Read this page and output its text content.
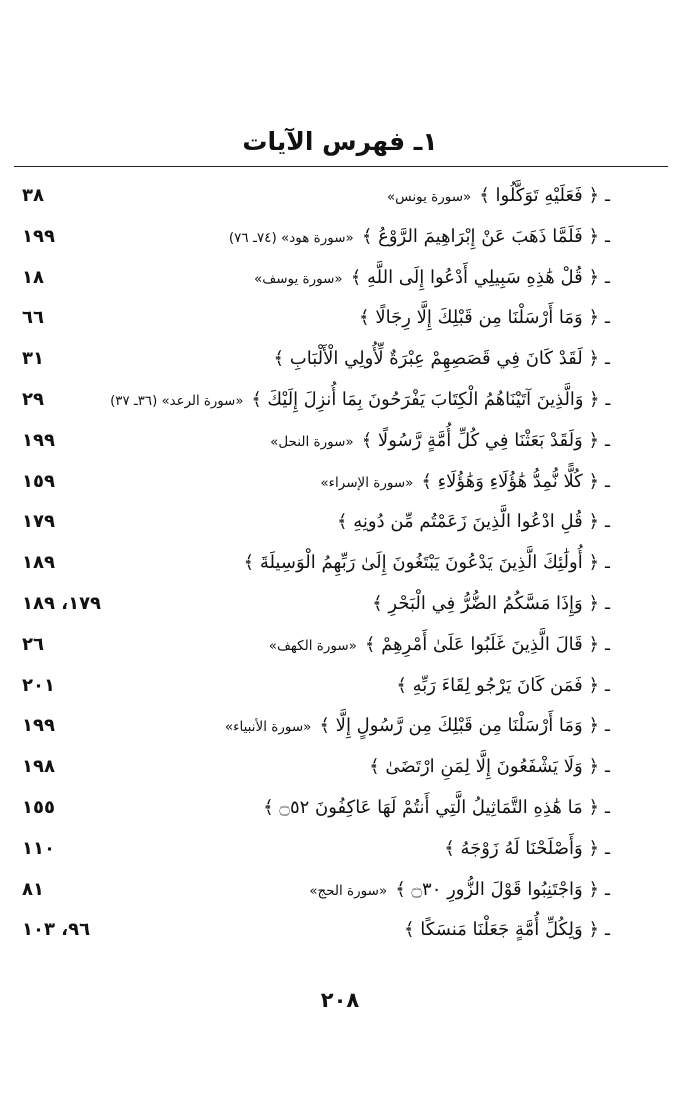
١ـ فهرس الآيات
ـ﴿ فَعَلَيْهِ تَوَكَّلُوا ﴾«سورة يونس»
٣٨
ـ﴿ فَلَمَّا ذَهَبَ عَنْ إِبْرَاهِيمَ الرَّوْعُ ﴾«سورة هود» (٧٤ـ ٧٦)
١٩٩
ـ﴿ قُلْ هَٰذِهِ سَبِيلِي أَدْعُوا إِلَى اللَّهِ ﴾«سورة يوسف»
١٨
ـ﴿ وَمَا أَرْسَلْنَا مِن قَبْلِكَ إِلَّا رِجَالًا ﴾
٦٦
ـ﴿ لَقَدْ كَانَ فِي قَصَصِهِمْ عِبْرَةٌ لِّأُولِي الْأَلْبَابِ ﴾
٣١
ـ﴿ وَالَّذِينَ آتَيْنَاهُمُ الْكِتَابَ يَفْرَحُونَ بِمَا أُنزِلَ إِلَيْكَ ﴾«سورة الرعد» (٣٦ـ ٣٧)
٢٩
ـ﴿ وَلَقَدْ بَعَثْنَا فِي كُلِّ أُمَّةٍ رَّسُولًا ﴾«سورة النحل»
١٩٩
ـ﴿ كُلًّا نُّمِدُّ هَٰؤُلَاءِ وَهَٰؤُلَاءِ ﴾«سورة الإسراء»
١٥٩
ـ﴿ قُلِ ادْعُوا الَّذِينَ زَعَمْتُم مِّن دُونِهِ ﴾
١٧٩
ـ﴿ أُولَٰئِكَ الَّذِينَ يَدْعُونَ يَبْتَغُونَ إِلَىٰ رَبِّهِمُ الْوَسِيلَةَ ﴾
١٨٩
ـ﴿ وَإِذَا مَسَّكُمُ الضُّرُّ فِي الْبَحْرِ ﴾
١٧٩، ١٨٩
ـ﴿ قَالَ الَّذِينَ غَلَبُوا عَلَىٰ أَمْرِهِمْ ﴾«سورة الكهف»
٢٦
ـ﴿ فَمَن كَانَ يَرْجُو لِقَاءَ رَبِّهِ ﴾
٢٠١
ـ﴿ وَمَا أَرْسَلْنَا مِن قَبْلِكَ مِن رَّسُولٍ إِلَّا ﴾«سورة الأنبياء»
١٩٩
ـ﴿ وَلَا يَشْفَعُونَ إِلَّا لِمَنِ ارْتَضَىٰ ﴾
١٩٨
ـ﴿ مَا هَٰذِهِ التَّمَاثِيلُ الَّتِي أَنتُمْ لَهَا عَاكِفُونَ ۝٥٢ ﴾
١٥٥
ـ﴿ وَأَصْلَحْنَا لَهُ زَوْجَهُ ﴾
١١٠
ـ﴿ وَاجْتَنِبُوا قَوْلَ الزُّورِ ۝٣٠ ﴾«سورة الحج»
٨١
ـ﴿ وَلِكُلِّ أُمَّةٍ جَعَلْنَا مَنسَكًا ﴾
٩٦، ١٠٣
٢٠٨
